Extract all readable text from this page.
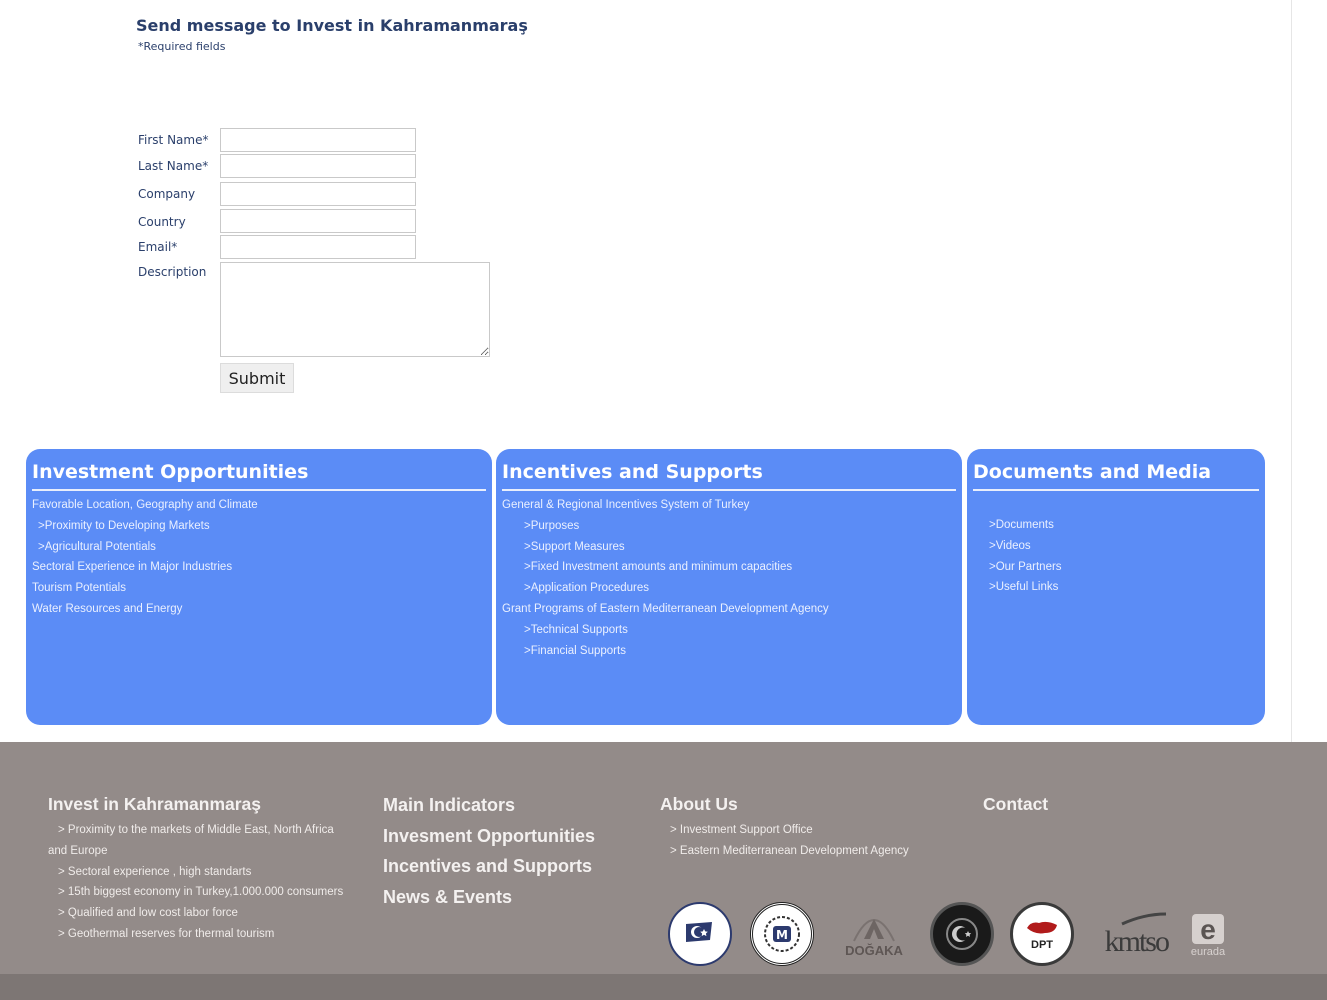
Send message to Invest in Kahramanmaraş
*Required fields
First Name*
Last Name*
Company
Country
Email*
Description
Submit
Investment Opportunities
Favorable Location, Geography and Climate
>Proximity to Developing Markets
>Agricultural Potentials
Sectoral Experience in Major Industries
Tourism Potentials
Water Resources and Energy
Incentives and Supports
General & Regional Incentives System of Turkey
>Purposes
>Support Measures
>Fixed Investment amounts and minimum capacities
>Application Procedures
Grant Programs of Eastern Mediterranean Development Agency
>Technical Supports
>Financial Supports
Documents and Media
>Documents
>Videos
>Our Partners
>Useful Links
Invest in Kahramanmaraş
> Proximity to the markets of Middle East, North Africa
and Europe
> Sectoral experience , high standarts
> 15th biggest economy in Turkey,1.000.000 consumers
> Qualified and low cost labor force
> Geothermal reserves for thermal tourism
Main Indicators
Invesment Opportunities
Incentives and Supports
News & Events
About Us
> Investment Support Office
> Eastern Mediterranean Development Agency
Contact
M
DOĞAKA	DPT kmtso e
eurada
